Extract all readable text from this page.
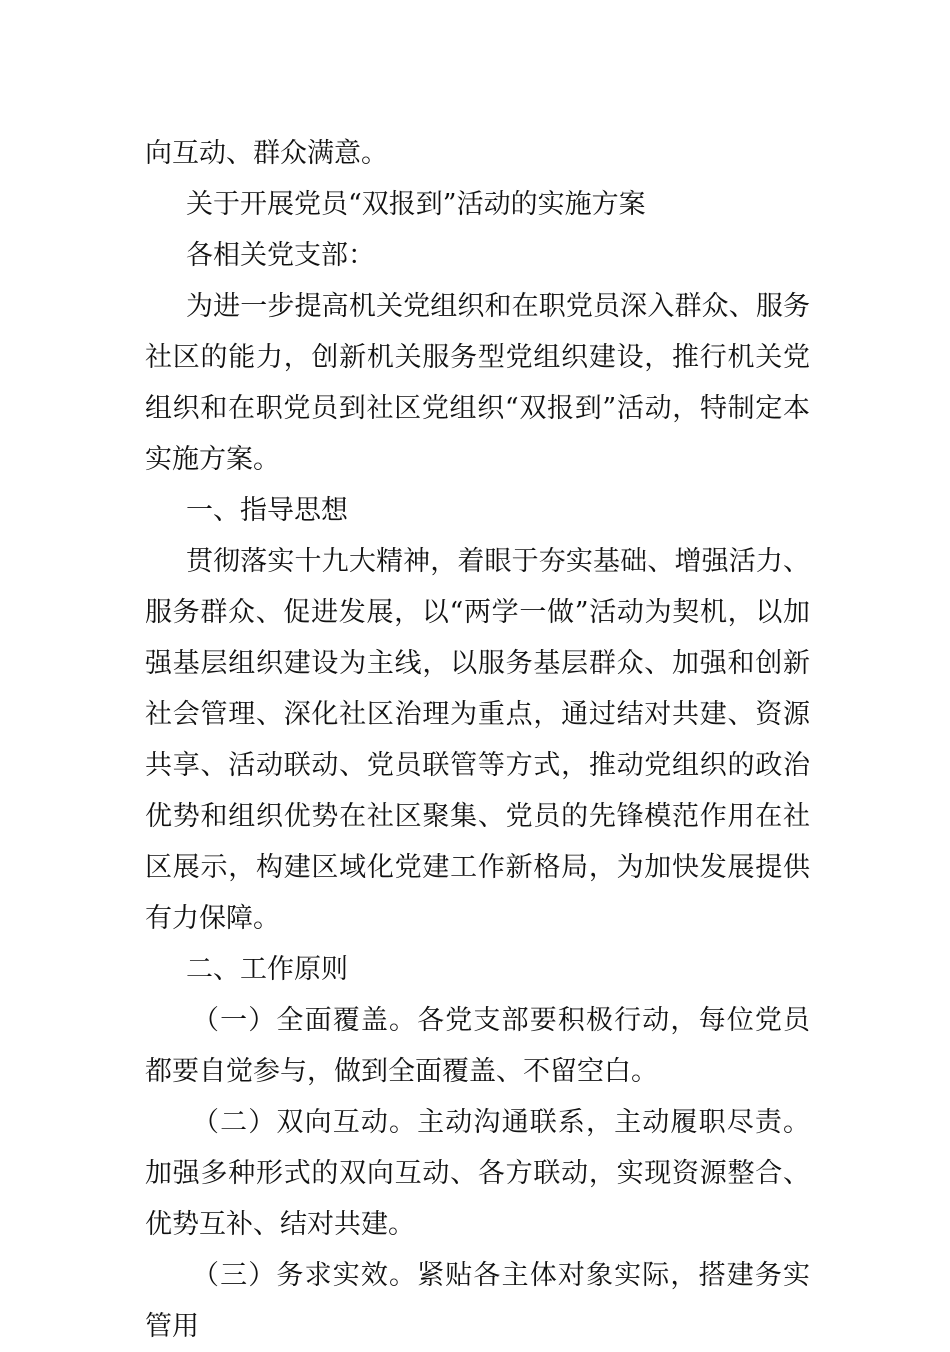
向互动、群众满意。

关于开展党员“双报到”活动的实施方案

各相关党支部：

为进一步提高机关党组织和在职党员深入群众、服务社区的能力，创新机关服务型党组织建设，推行机关党组织和在职党员到社区党组织“双报到”活动，特制定本实施方案。

一、指导思想

贯彻落实十九大精神，着眼于夯实基础、增强活力、服务群众、促进发展，以“两学一做”活动为契机，以加强基层组织建设为主线，以服务基层群众、加强和创新社会管理、深化社区治理为重点，通过结对共建、资源共享、活动联动、党员联管等方式，推动党组织的政治优势和组织优势在社区聚集、党员的先锋模范作用在社区展示，构建区域化党建工作新格局，为加快发展提供有力保障。

二、工作原则

（一）全面覆盖。各党支部要积极行动，每位党员都要自觉参与，做到全面覆盖、不留空白。

（二）双向互动。主动沟通联系，主动履职尽责。加强多种形式的双向互动、各方联动，实现资源整合、优势互补、结对共建。

（三）务求实效。紧贴各主体对象实际，搭建务实管用
